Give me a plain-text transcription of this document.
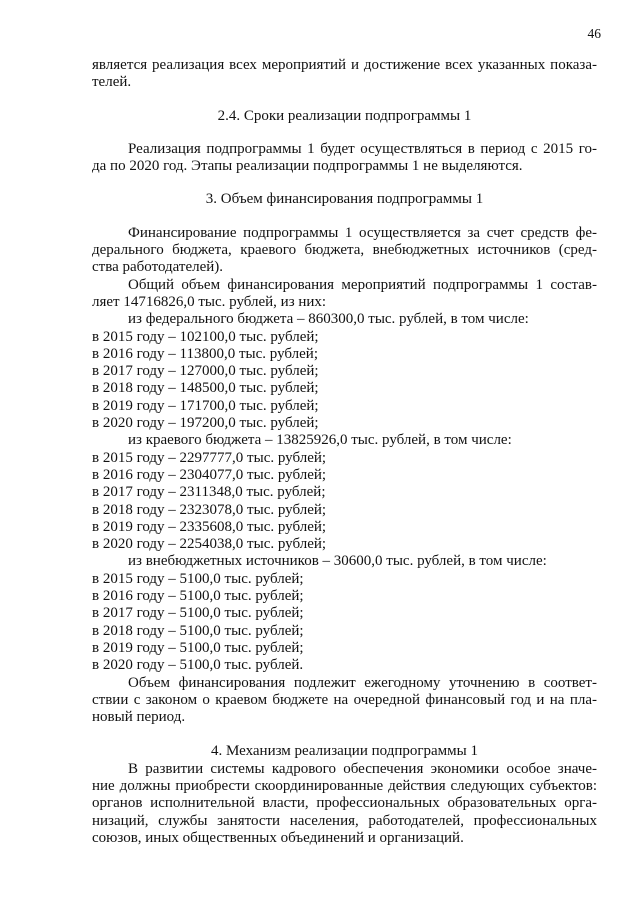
46
является реализация всех мероприятий и достижение всех указанных показа-
телей.
2.4. Сроки реализации подпрограммы 1
Реализация подпрограммы 1 будет осуществляться в период с 2015 го-
да по 2020 год. Этапы реализации подпрограммы 1 не выделяются.
3. Объем финансирования подпрограммы 1
Финансирование подпрограммы 1 осуществляется за счет средств фе-
дерального бюджета, краевого бюджета, внебюджетных источников (сред-
ства работодателей).
Общий объем финансирования мероприятий подпрограммы 1 состав-
ляет 14716826,0 тыс. рублей, из них:
из федерального бюджета – 860300,0 тыс. рублей, в том числе:
в 2015 году – 102100,0 тыс. рублей;
в 2016 году – 113800,0 тыс. рублей;
в 2017 году – 127000,0 тыс. рублей;
в 2018 году – 148500,0 тыс. рублей;
в 2019 году – 171700,0 тыс. рублей;
в 2020 году – 197200,0 тыс. рублей;
из краевого бюджета – 13825926,0 тыс. рублей, в том числе:
в 2015 году – 2297777,0 тыс. рублей;
в 2016 году – 2304077,0 тыс. рублей;
в 2017 году – 2311348,0 тыс. рублей;
в 2018 году – 2323078,0 тыс. рублей;
в 2019 году – 2335608,0 тыс. рублей;
в 2020 году – 2254038,0 тыс. рублей;
из внебюджетных источников – 30600,0 тыс. рублей, в том числе:
в 2015 году – 5100,0 тыс. рублей;
в 2016 году – 5100,0 тыс. рублей;
в 2017 году – 5100,0 тыс. рублей;
в 2018 году – 5100,0 тыс. рублей;
в 2019 году – 5100,0 тыс. рублей;
в 2020 году – 5100,0 тыс. рублей.
Объем финансирования подлежит ежегодному уточнению в соответ-
ствии с законом о краевом бюджете на очередной финансовый год и на пла-
новый период.
4. Механизм реализации подпрограммы 1
В развитии системы кадрового обеспечения экономики особое значе-
ние должны приобрести скоординированные действия следующих субъектов:
органов исполнительной власти, профессиональных образовательных орга-
низаций, службы занятости населения, работодателей, профессиональных
союзов, иных общественных объединений и организаций.
